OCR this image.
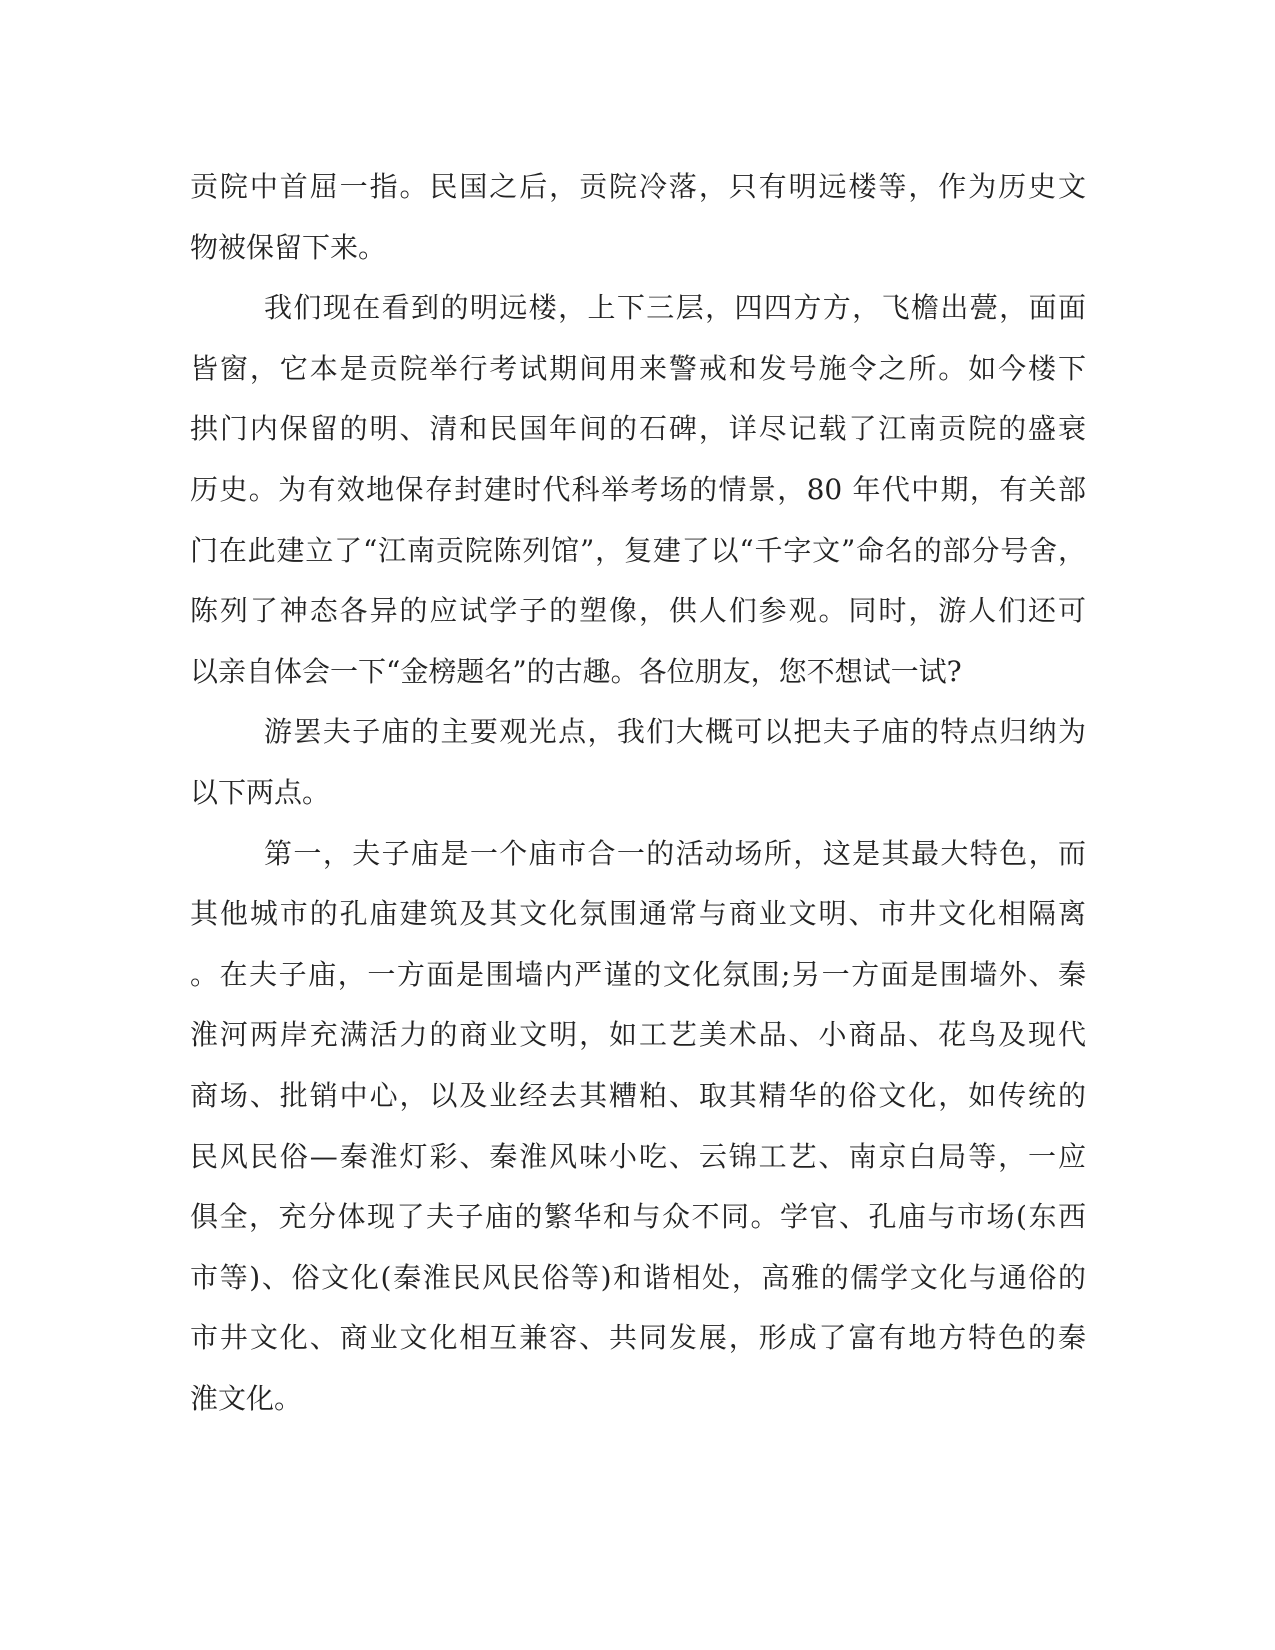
贡院中首屈一指。民国之后，贡院冷落，只有明远楼等，作为历史文
物被保留下来。
我们现在看到的明远楼，上下三层，四四方方，飞檐出甍，面面
皆窗，它本是贡院举行考试期间用来警戒和发号施令之所。如今楼下
拱门内保留的明、清和民国年间的石碑，详尽记载了江南贡院的盛衰
历史。为有效地保存封建时代科举考场的情景，80 年代中期，有关部
门在此建立了“江南贡院陈列馆”，复建了以“千字文”命名的部分号舍，
陈列了神态各异的应试学子的塑像，供人们参观。同时，游人们还可
以亲自体会一下“金榜题名”的古趣。各位朋友，您不想试一试?
游罢夫子庙的主要观光点，我们大概可以把夫子庙的特点归纳为
以下两点。
第一，夫子庙是一个庙市合一的活动场所，这是其最大特色，而
其他城市的孔庙建筑及其文化氛围通常与商业文明、市井文化相隔离
。在夫子庙，一方面是围墙内严谨的文化氛围;另一方面是围墙外、秦
淮河两岸充满活力的商业文明，如工艺美术品、小商品、花鸟及现代
商场、批销中心，以及业经去其糟粕、取其精华的俗文化，如传统的
民风民俗—秦淮灯彩、秦淮风味小吃、云锦工艺、南京白局等，一应
俱全，充分体现了夫子庙的繁华和与众不同。学官、孔庙与市场(东西
市等)、俗文化(秦淮民风民俗等)和谐相处，高雅的儒学文化与通俗的
市井文化、商业文化相互兼容、共同发展，形成了富有地方特色的秦
淮文化。
